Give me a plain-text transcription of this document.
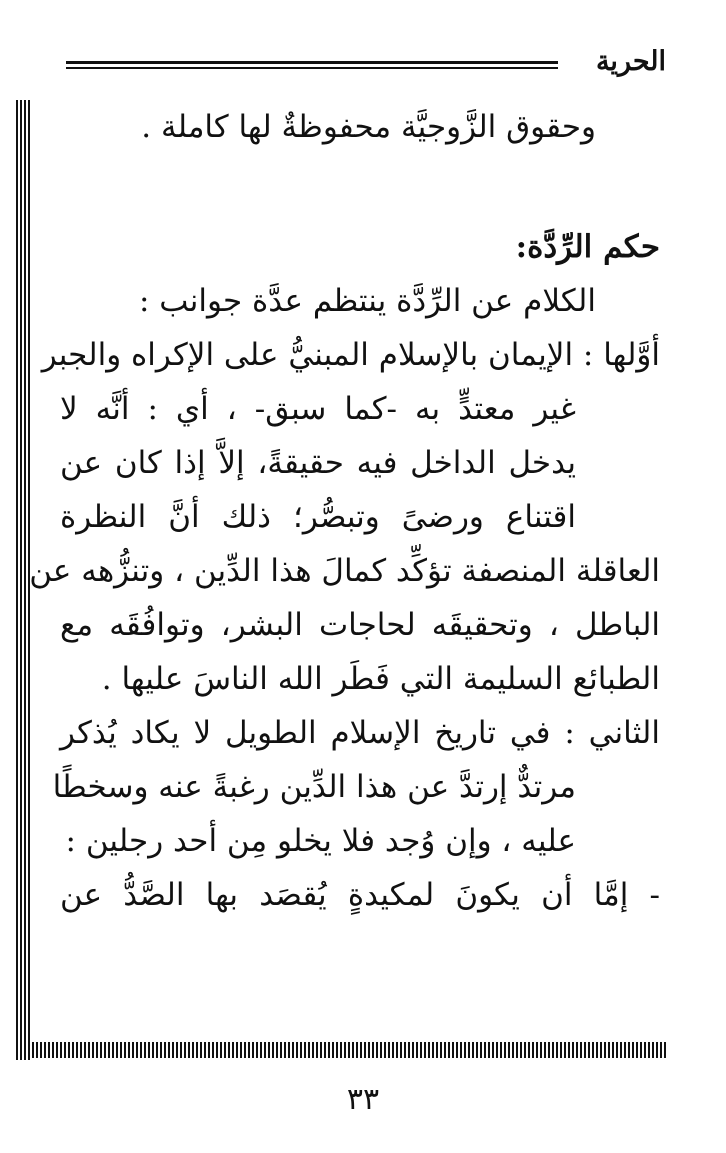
الحرية
وحقوق الزَّوجيَّة محفوظةٌ لها كاملة .
حكم الرِّدَّة:
الكلام عن الرِّدَّة ينتظم عدَّة جوانب :
أوَّلها : الإيمان بالإسلام المبنيُّ على الإكراه والجبر
غير معتدٍّ به -كما سبق- ، أي : أنَّه لا
يدخل الداخل فيه حقيقةً، إلاَّ إذا كان عن
اقتناع ورضىً وتبصُّر؛ ذلك أنَّ النظرة
العاقلة المنصفة تؤكِّد كمالَ هذا الدِّين ، وتنزُّهه عن
الباطل ، وتحقيقَه لحاجات البشر، وتوافُقَه مع
الطبائع السليمة التي فَطَر الله الناسَ عليها .
الثاني : في تاريخ الإسلام الطويل لا يكاد يُذكر
مرتدٌّ إرتدَّ عن هذا الدِّين رغبةً عنه وسخطًا
عليه ، وإن وُجد فلا يخلو مِن أحد رجلين :
- إمَّا أن يكونَ لمكيدةٍ يُقصَد بها الصَّدُّ عن
٣٣
